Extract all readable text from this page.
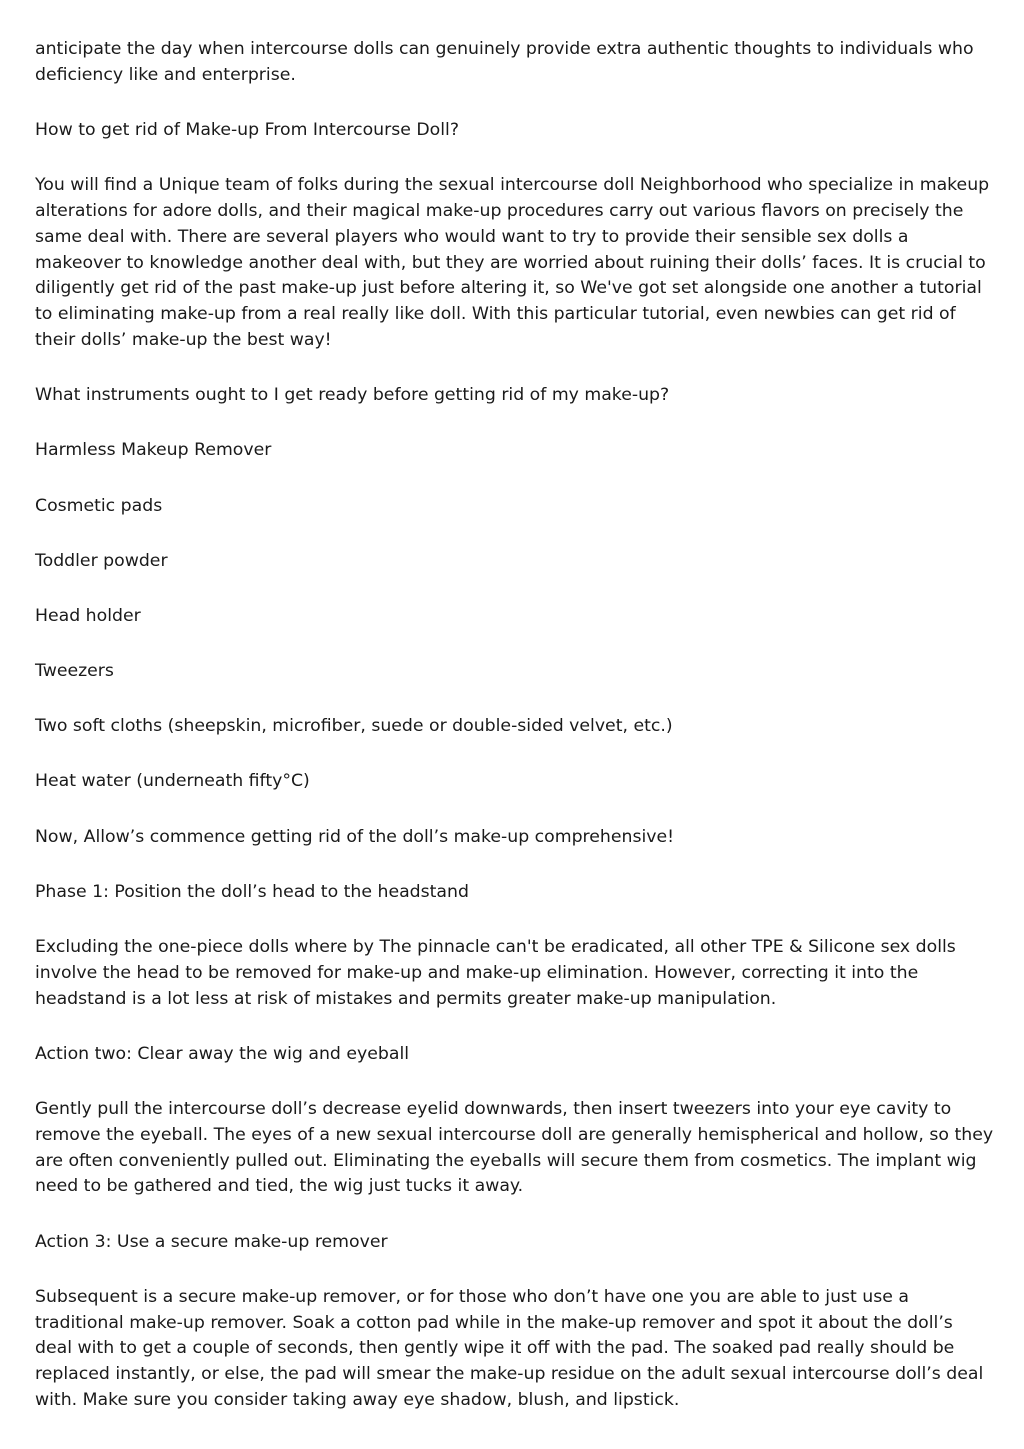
anticipate the day when intercourse dolls can genuinely provide extra authentic thoughts to individuals who deficiency like and enterprise.

How to get rid of Make-up From Intercourse Doll?

You will find a Unique team of folks during the sexual intercourse doll Neighborhood who specialize in makeup alterations for adore dolls, and their magical make-up procedures carry out various flavors on precisely the same deal with. There are several players who would want to try to provide their sensible sex dolls a makeover to knowledge another deal with, but they are worried about ruining their dolls’ faces. It is crucial to diligently get rid of the past make-up just before altering it, so We've got set alongside one another a tutorial to eliminating make-up from a real really like doll. With this particular tutorial, even newbies can get rid of their dolls’ make-up the best way!

What instruments ought to I get ready before getting rid of my make-up?

Harmless Makeup Remover

Cosmetic pads

Toddler powder

Head holder

Tweezers

Two soft cloths (sheepskin, microfiber, suede or double-sided velvet, etc.)

Heat water (underneath fifty°C)

Now, Allow’s commence getting rid of the doll’s make-up comprehensive!

Phase 1: Position the doll’s head to the headstand

Excluding the one-piece dolls where by The pinnacle can't be eradicated, all other TPE & Silicone sex dolls involve the head to be removed for make-up and make-up elimination. However, correcting it into the headstand is a lot less at risk of mistakes and permits greater make-up manipulation.

Action two: Clear away the wig and eyeball

Gently pull the intercourse doll’s decrease eyelid downwards, then insert tweezers into your eye cavity to remove the eyeball. The eyes of a new sexual intercourse doll are generally hemispherical and hollow, so they are often conveniently pulled out. Eliminating the eyeballs will secure them from cosmetics. The implant wig need to be gathered and tied, the wig just tucks it away.

Action 3: Use a secure make-up remover

Subsequent is a secure make-up remover, or for those who don’t have one you are able to just use a traditional make-up remover. Soak a cotton pad while in the make-up remover and spot it about the doll’s deal with to get a couple of seconds, then gently wipe it off with the pad. The soaked pad really should be replaced instantly, or else, the pad will smear the make-up residue on the adult sexual intercourse doll’s deal with. Make sure you consider taking away eye shadow, blush, and lipstick.
